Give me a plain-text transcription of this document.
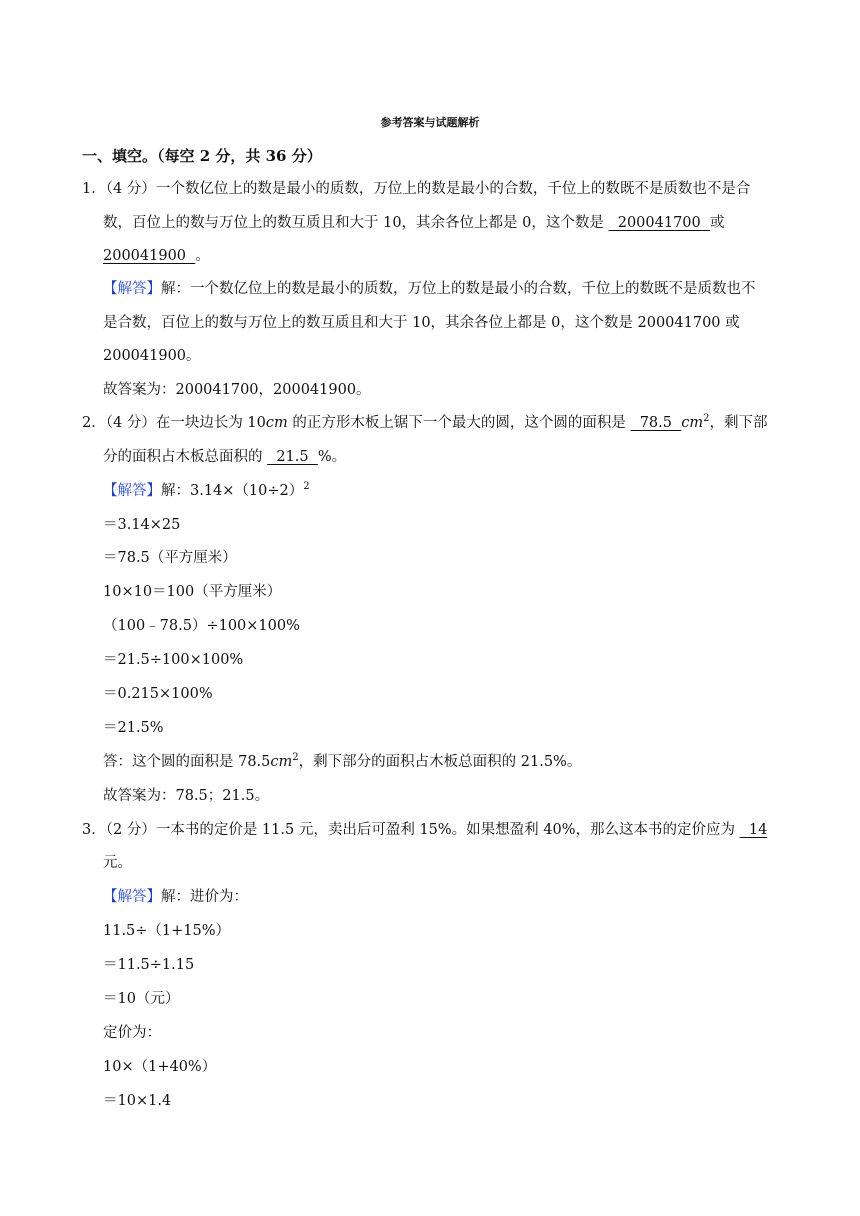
参考答案与试题解析
一、填空。（每空 2 分，共 36 分）
1．（4 分）一个数亿位上的数是最小的质数，万位上的数是最小的合数，千位上的数既不是质数也不是合
数，百位上的数与万位上的数互质且和大于 10，其余各位上都是 0，这个数是   200041700  或
200041900  。
【解答】解：一个数亿位上的数是最小的质数，万位上的数是最小的合数，千位上的数既不是质数也不
是合数，百位上的数与万位上的数互质且和大于 10，其余各位上都是 0，这个数是 200041700 或
200041900。
故答案为：200041700，200041900。
2．（4 分）在一块边长为 10cm 的正方形木板上锯下一个最大的圆，这个圆的面积是   78.5  $cm^2$，剩下部
分的面积占木板总面积的   21.5  %。
【解答】解：$3.14\times(10\div 2)^2$
＝3.14×25
＝78.5（平方厘米）
10×10＝100（平方厘米）
（100﹣78.5）÷100×100%
＝21.5÷100×100%
＝0.215×100%
＝21.5%
答：这个圆的面积是 $78.5cm^2$，剩下部分的面积占木板总面积的 21.5%。
故答案为：78.5；21.5。
3．（2 分）一本书的定价是 11.5 元，卖出后可盈利 15%。如果想盈利 40%，那么这本书的定价应为   14
元。
【解答】解：进价为：
11.5÷（1+15%）
＝11.5÷1.15
＝10（元）
定价为：
10×（1+40%）
＝10×1.4
